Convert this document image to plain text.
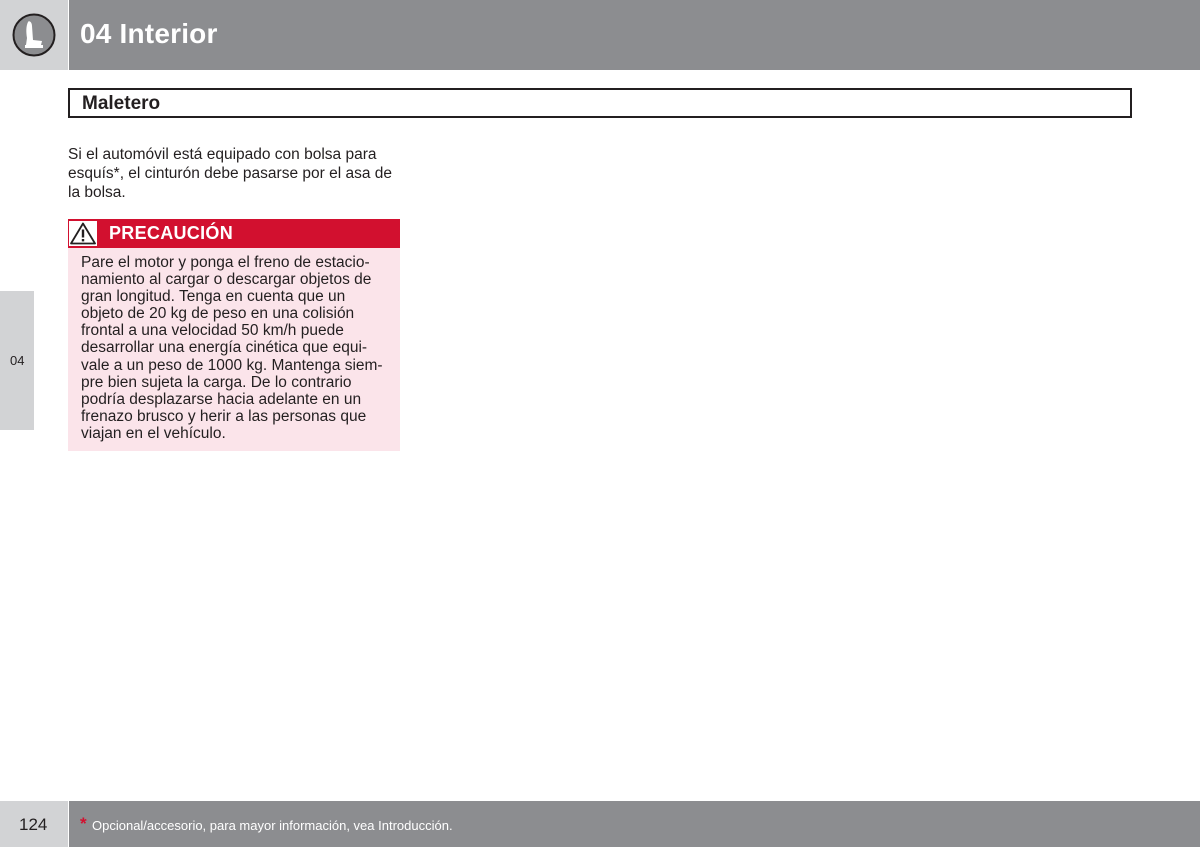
04 Interior
Maletero
Si el automóvil está equipado con bolsa para esquís*, el cinturón debe pasarse por el asa de la bolsa.
PRECAUCIÓN
Pare el motor y ponga el freno de estacio-
namiento al cargar o descargar objetos de
gran longitud. Tenga en cuenta que un
objeto de 20 kg de peso en una colisión
frontal a una velocidad 50 km/h puede
desarrollar una energía cinética que equi-
vale a un peso de 1000 kg. Mantenga siem-
pre bien sujeta la carga. De lo contrario
podría desplazarse hacia adelante en un
frenazo brusco y herir a las personas que
viajan en el vehículo.
04
124 * Opcional/accesorio, para mayor información, vea Introducción.
